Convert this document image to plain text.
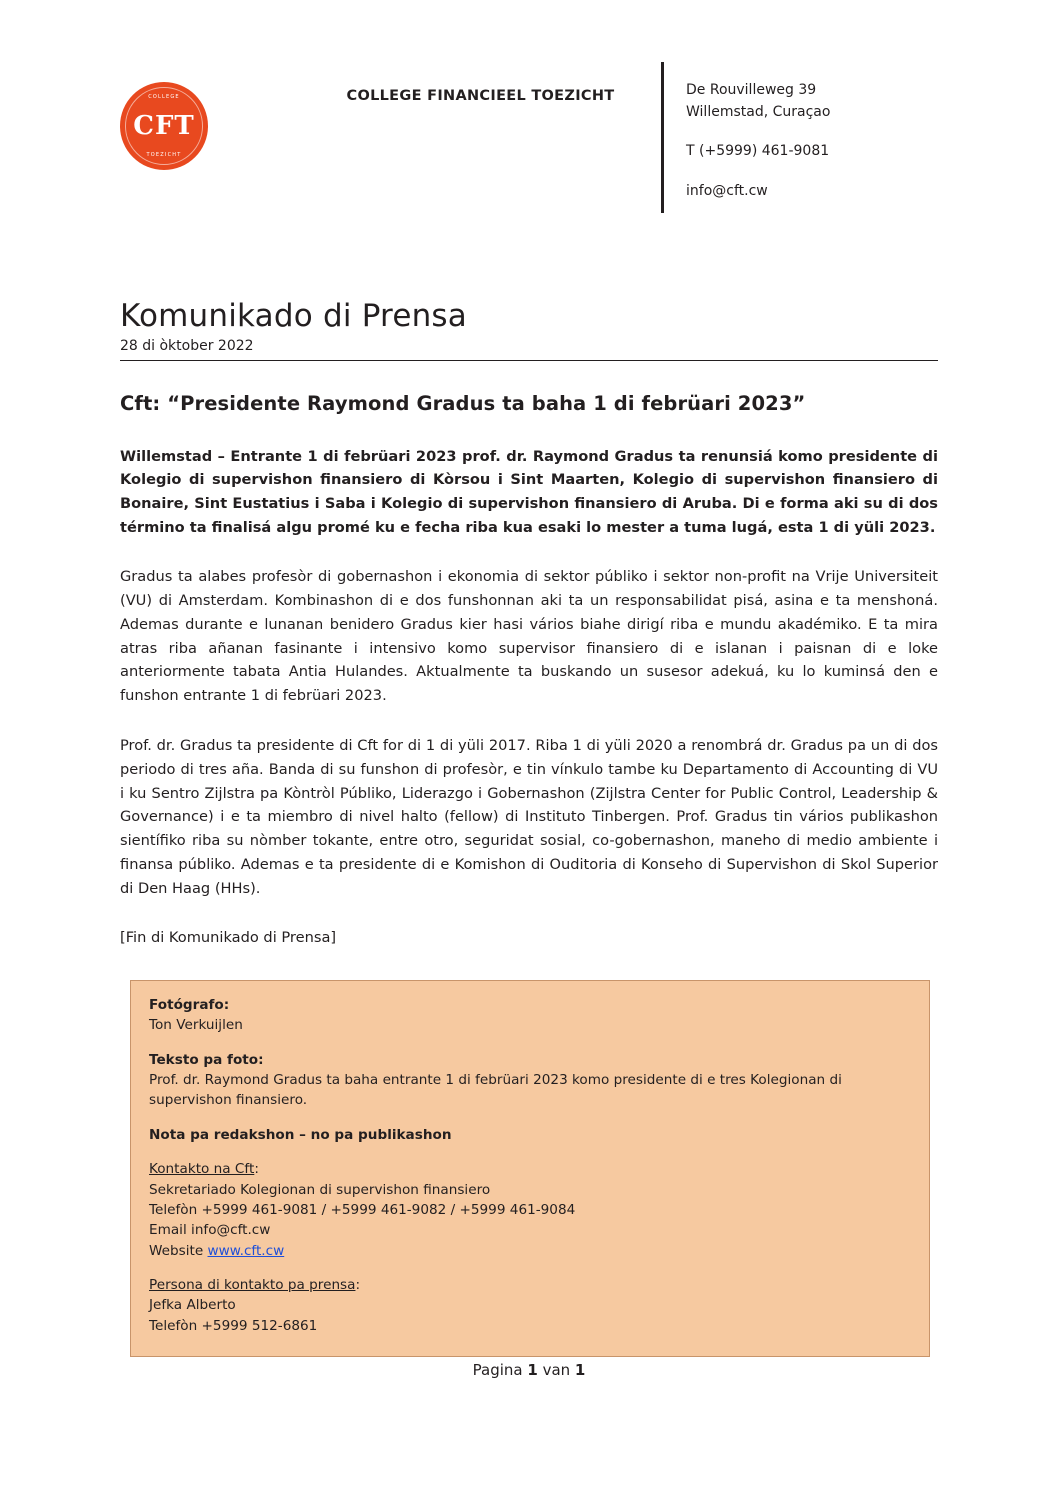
COLLEGE
CFT
TOEZICHT
COLLEGE FINANCIEEL TOEZICHT	De Rouvilleweg 39

Willemstad, Curaçao

T (+5999) 461-9081

info@cft.cw

Komunikado di Prensa

28 di òktober 2022

Cft: “Presidente Raymond Gradus ta baha 1 di febrüari 2023”

Willemstad – Entrante 1 di febrüari 2023 prof. dr. Raymond Gradus ta renunsiá komo presidente di Kolegio di supervishon finansiero di Kòrsou i Sint Maarten, Kolegio di supervishon finansiero di Bonaire, Sint Eustatius i Saba i Kolegio di supervishon finansiero di Aruba. Di e forma aki su di dos término ta finalisá algu promé ku e fecha riba kua esaki lo mester a tuma lugá, esta 1 di yüli 2023.

Gradus ta alabes profesòr di gobernashon i ekonomia di sektor públiko i sektor non-profit na Vrije Universiteit (VU) di Amsterdam. Kombinashon di e dos funshonnan aki ta un responsabilidat pisá, asina e ta menshoná. Ademas durante e lunanan benidero Gradus kier hasi vários biahe dirigí riba e mundu akadémiko. E ta mira atras riba añanan fasinante i intensivo komo supervisor finansiero di e islanan i paisnan di e loke anteriormente tabata Antia Hulandes. Aktualmente ta buskando un susesor adekuá, ku lo kuminsá den e funshon entrante 1 di febrüari 2023.

Prof. dr. Gradus ta presidente di Cft for di 1 di yüli 2017. Riba 1 di yüli 2020 a renombrá dr. Gradus pa un di dos periodo di tres aña. Banda di su funshon di profesòr, e tin vínkulo tambe ku Departamento di Accounting di VU i ku Sentro Zijlstra pa Kòntròl Públiko, Liderazgo i Gobernashon (Zijlstra Center for Public Control, Leadership & Governance) i e ta miembro di nivel halto (fellow) di Instituto Tinbergen. Prof. Gradus tin vários publikashon sientífiko riba su nòmber tokante, entre otro, seguridat sosial, co-gobernashon, maneho di medio ambiente i finansa públiko. Ademas e ta presidente di e Komishon di Ouditoria di Konseho di Supervishon di Skol Superior di Den Haag (HHs).

[Fin di Komunikado di Prensa]

Fotógrafo:
Ton Verkuijlen
Teksto pa foto:
Prof. dr. Raymond Gradus ta baha entrante 1 di febrüari 2023 komo presidente di e tres Kolegionan di supervishon finansiero.
Nota pa redakshon – no pa publikashon
Kontakto na Cft:
Sekretariado Kolegionan di supervishon finansiero
Telefòn +5999 461-9081 / +5999 461-9082 / +5999 461-9084
Email info@cft.cw
Website www.cft.cw
Persona di kontakto pa prensa:
Jefka Alberto
Telefòn +5999 512-6861
Pagina 1 van 1
